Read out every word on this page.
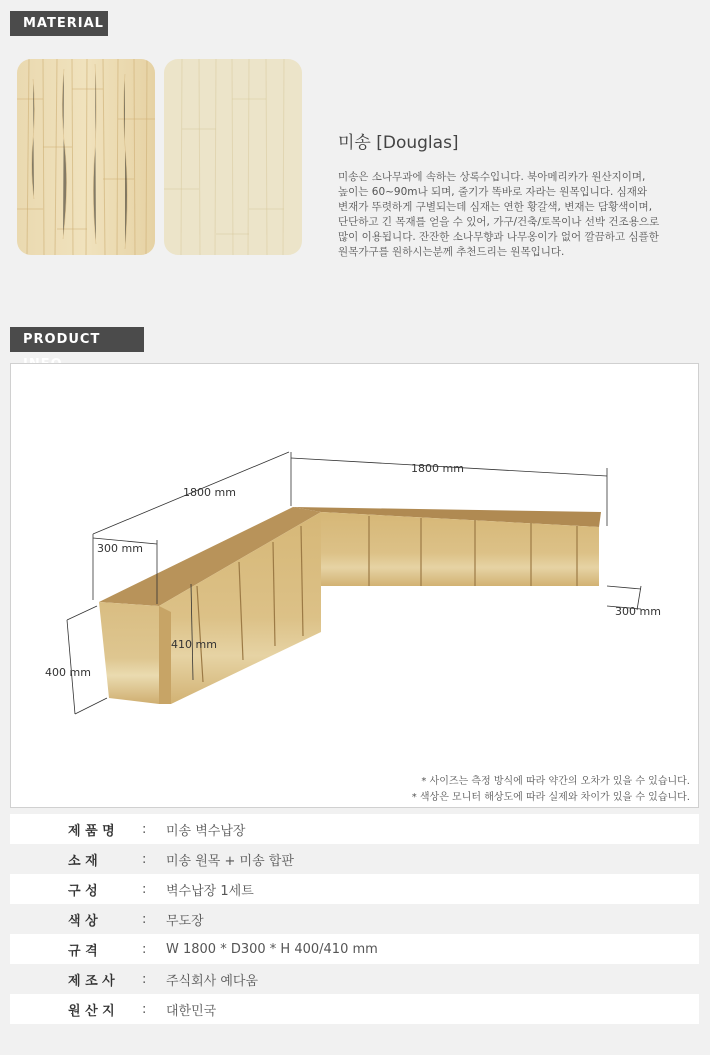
MATERIAL
미송 [Douglas]
미송은 소나무과에 속하는 상록수입니다. 북아메리카가 원산지이며,
높이는 60~90m나 되며, 줄기가 똑바로 자라는 원목입니다. 심재와
변재가 뚜렷하게 구별되는데 심재는 연한 황갈색, 변재는 담황색이며,
단단하고 긴 목재를 얻을 수 있어, 가구/건축/토목이나 선박 건조용으로
많이 이용됩니다. 잔잔한 소나무향과 나무옹이가 없어 깔끔하고 심플한
원목가구를 원하시는분께 추천드리는 원목입니다.
PRODUCT
1800 mm
1800 mm
300 mm
300 mm
400 mm
410 mm
* 사이즈는 측정 방식에 따라 약간의 오차가 있을 수 있습니다.
* 색상은 모니터 해상도에 따라 실제와 차이가 있을 수 있습니다.
제 품 명	:	미송 벽수납장
소 재	:	미송 원목 + 미송 합판
구 성	:	벽수납장 1세트
색 상	:	무도장
규 격	:	W 1800 * D300 * H 400/410 mm
제 조 사	:	주식회사 예다움
원 산 지	:	대한민국
